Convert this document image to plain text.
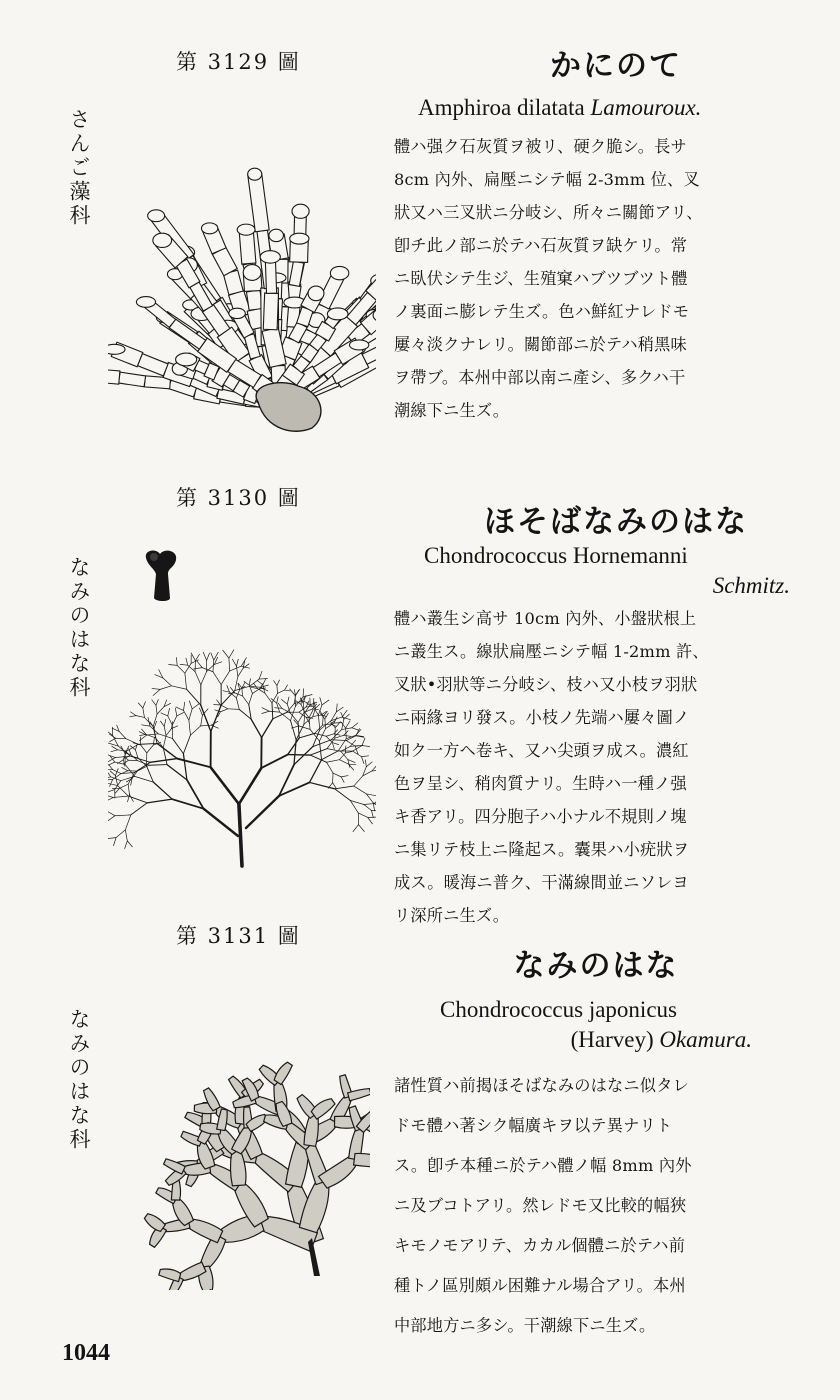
第 3129 圖
さんご藻科
かにのて
Amphiroa dilatata Lamouroux.
體ハ强ク石灰質ヲ被リ、硬ク脆シ。長サ
8cm 內外、扁壓ニシテ幅 2-3mm 位、叉
狀又ハ三叉狀ニ分岐シ、所々ニ關節アリ、
卽チ此ノ部ニ於テハ石灰質ヲ缺ケリ。常
ニ臥伏シテ生ジ、生殖窠ハブツブツト體
ノ裏面ニ膨レテ生ズ。色ハ鮮紅ナレドモ
屢々淡クナレリ。關節部ニ於テハ稍黑味
ヲ帶ブ。本州中部以南ニ產シ、多クハ干
潮線下ニ生ズ。
第 3130 圖
なみのはな科
ほそばなみのはな
Chondrococcus Hornemanni
Schmitz.
體ハ叢生シ高サ 10cm 內外、小盤狀根上
ニ叢生ス。線狀扁壓ニシテ幅 1-2mm 許、
叉狀•羽狀等ニ分岐シ、枝ハ又小枝ヲ羽狀
ニ兩緣ヨリ發ス。小枝ノ先端ハ屢々圖ノ
如ク一方ヘ卷キ、又ハ尖頭ヲ成ス。濃紅
色ヲ呈シ、稍肉質ナリ。生時ハ一種ノ强
キ香アリ。四分胞子ハ小ナル不規則ノ塊
ニ集リテ枝上ニ隆起ス。囊果ハ小疣狀ヲ
成ス。暖海ニ普ク、干滿線間並ニソレヨ
リ深所ニ生ズ。
第 3131 圖
なみのはな科
なみのはな
Chondrococcus japonicus
(Harvey) Okamura.
諸性質ハ前揭ほそばなみのはなニ似タレ
ドモ體ハ著シク幅廣キヲ以テ異ナリト
ス。卽チ本種ニ於テハ體ノ幅 8mm 內外
ニ及ブコトアリ。然レドモ又比較的幅狹
キモノモアリテ、カカル個體ニ於テハ前
種トノ區別頗ル困難ナル場合アリ。本州
中部地方ニ多シ。干潮線下ニ生ズ。
1044
